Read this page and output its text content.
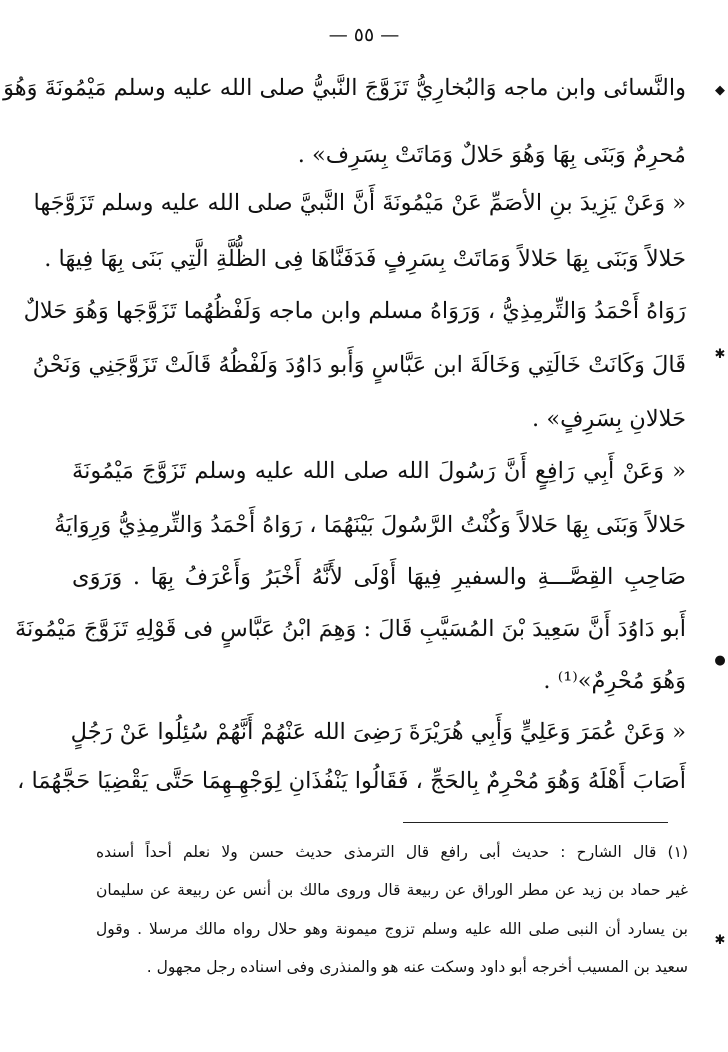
— ٥٥ —
والنَّسائى وابن ماجه وَالبُخارِيُّ تَزَوَّجَ النَّبيُّ صلى الله عليه وسلم مَيْمُونَةَ وَهُوَ
مُحرِمٌ وَبَنَى بِهَا وَهُوَ حَلالٌ وَمَاتَتْ بِسَرِف» .
« وَعَنْ يَزِيدَ بنِ الأصَمِّ عَنْ مَيْمُونَةَ أَنَّ النَّبيَّ صلى الله عليه وسلم تَزَوَّجَها
حَلالاً وَبَنَى بِهَا حَلالاً وَمَاتَتْ بِسَرِفٍ فَدَفَنَّاهَا فِى الظُّلَّةِ الَّتِي بَنَى بِهَا فِيهَا .
رَوَاهُ أَحْمَدُ وَالتِّرمِذِيُّ ، وَرَوَاهُ مسلم وابن ماجه وَلَفْظُهُما تَزَوَّجَها وَهُوَ حَلالٌ
قَالَ وَكَانَتْ خَالَتِي وَخَالَةَ ابن عَبَّاسٍ وَأَبو دَاوُدَ وَلَفْظُهُ قَالَتْ تَزَوَّجَنِي وَنَحْنُ
حَلالانِ بِسَرِفٍ» .
« وَعَنْ أَبِي رَافِعٍ أَنَّ رَسُولَ الله صلى الله عليه وسلم تَزَوَّجَ مَيْمُونَةَ
حَلالاً وَبَنَى بِهَا حَلالاً وَكُنْتُ الرَّسُولَ بَيْنَهُمَا ، رَوَاهُ أَحْمَدُ وَالتِّرمِذِيُّ وَرِوَايَةُ
صَاحِبِ القِصَّـــةِ والسفيرِ فِيهَا أَوْلَى لأَنَّهُ أَخْبَرُ وَأَعْرَفُ بِهَا . وَرَوَى
أَبو دَاوُدَ أَنَّ سَعِيدَ بْنَ المُسَيَّبِ قَالَ : وَهِمَ ابْنُ عَبَّاسٍ فى قَوْلِهِ تَزَوَّجَ مَيْمُونَةَ
وَهُوَ مُحْرِمٌ»⁽¹⁾ .
« وَعَنْ عُمَرَ وَعَلِيٍّ وَأَبِي هُرَيْرَةَ رَضِىَ الله عَنْهُمْ أَنَّهُمْ سُئِلُوا عَنْ رَجُلٍ
أَصَابَ أَهْلَهُ وَهُوَ مُحْرِمٌ بِالحَجِّ ، فَقَالُوا يَنْفُذَانِ لِوَجْهِـهِمَا حَتَّى يَقْضِيَا حَجَّهُمَا ،
(١) قال الشارح : حديث أبى رافع قال الترمذى حديث حسن ولا نعلم أحداً أسنده
غير حماد بن زيد عن مطر الوراق عن ربيعة قال وروى مالك بن أنس عن ربيعة عن سليمان
بن يسارد أن النبى صلى الله عليه وسلم تزوج ميمونة وهو حلال رواه مالك مرسلا . وقول
سعيد بن المسيب أخرجه أبو داود وسكت عنه هو والمنذرى وفى اسناده رجل مجهول .
◆
✱
●
✱
